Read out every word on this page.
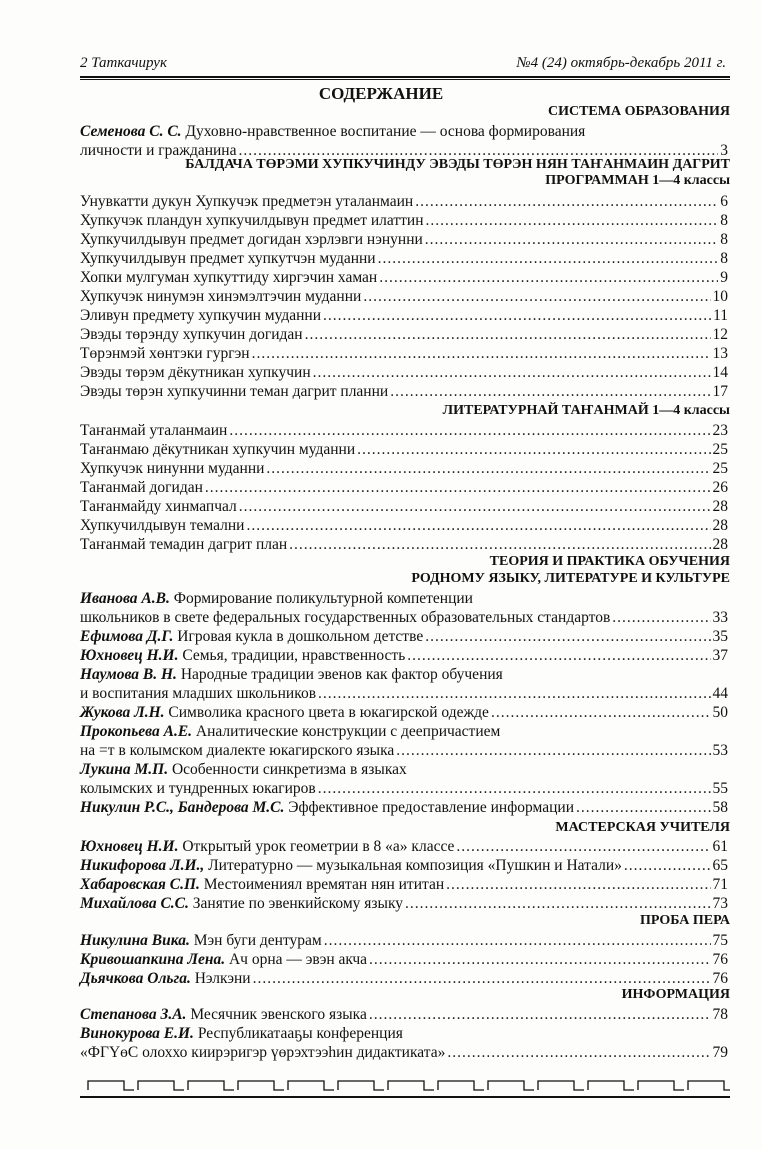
2 Таткачирук	№4 (24) октябрь-декабрь 2011 г.
СОДЕРЖАНИЕ
СИСТЕМА ОБРАЗОВАНИЯ
Семенова С. С. Духовно-нравственное воспитание — основа формирования
личности и гражданина .....	3
БАЛДАЧА ТӨРЭМИ ХУПКУЧИНДУ ЭВЭДЫ ТӨРЭН НЯН ТАҤАНМАИН ДАГРИТ
ПРОГРАММАН 1—4 классы
Унувкатти дукун Хупкучэк предметэн уталанмаин .....	6
Хупкучэк пландун хупкучилдывун предмет илаттин .....	8
Хупкучилдывун предмет догидан хэрлэвги нэнунни .....	8
Хупкучилдывун предмет хупкутчэн муданни .....	8
Хопки мулгуман хупкуттиду хиргэчин хаман .....	9
Хупкучэк нинумэн хинэмэлтэчин муданни .....	10
Эливун предмету хупкучин муданни .....	11
Эвэды төрэнду хупкучин догидан .....	12
Төрэнмэй хөнтэки гургэн .....	13
Эвэды төрэм дёкутникан хупкучин .....	14
Эвэды төрэн хупкучинни теман дагрит планни .....	17
ЛИТЕРАТУРНАЙ ТАҤАНМАЙ 1—4 классы
Таҥанмай уталанмаин .....	23
Таҥанмаю дёкутникан хупкучин муданни .....	25
Хупкучэк нинунни муданни .....	25
Таҥанмай догидан .....	26
Таҥанмайду хинмапчал .....	28
Хупкучилдывун темални .....	28
Таҥанмай темадин дагрит план .....	28
ТЕОРИЯ И ПРАКТИКА ОБУЧЕНИЯ
РОДНОМУ ЯЗЫКУ, ЛИТЕРАТУРЕ И КУЛЬТУРЕ
Иванова А.В. Формирование поликультурной компетенции
школьников в свете федеральных государственных образовательных стандартов .....	33
Ефимова Д.Г. Игровая кукла в дошкольном детстве .....	35
Юхновец Н.И. Семья, традиции, нравственность .....	37
Наумова В. Н. Народные традиции эвенов как фактор обучения
и воспитания младших школьников .....	44
Жукова Л.Н. Символика красного цвета в юкагирской одежде .....	50
Прокопьева А.Е. Аналитические конструкции с деепричастием
на =т в колымском диалекте юкагирского языка .....	53
Лукина М.П. Особенности синкретизма в языках
колымских и тундренных юкагиров .....	55
Никулин Р.С., Бандерова М.С. Эффективное предоставление информации .....	58
МАСТЕРСКАЯ УЧИТЕЛЯ
Юхновец Н.И. Открытый урок геометрии в 8 «а» классе .....	61
Никифорова Л.И., Литературно — музыкальная композиция «Пушкин и Натали» .....	65
Хабаровская С.П. Местоимениял времятан нян ититан .....	71
Михайлова С.С. Занятие по эвенкийскому языку .....	73
ПРОБА ПЕРА
Никулина Вика. Мэн буги дентурам .....	75
Кривошапкина Лена. Ач орна — эвэн акча .....	76
Дьячкова Ольга. Нэлкэни .....	76
ИНФОРМАЦИЯ
Степанова З.А. Месячник эвенского языка .....	78
Винокурова Е.И. Республикатааҕы конференция
«ФГҮөС олоххо киирэригэр үөрэхтээһин дидактиката» .....	79
